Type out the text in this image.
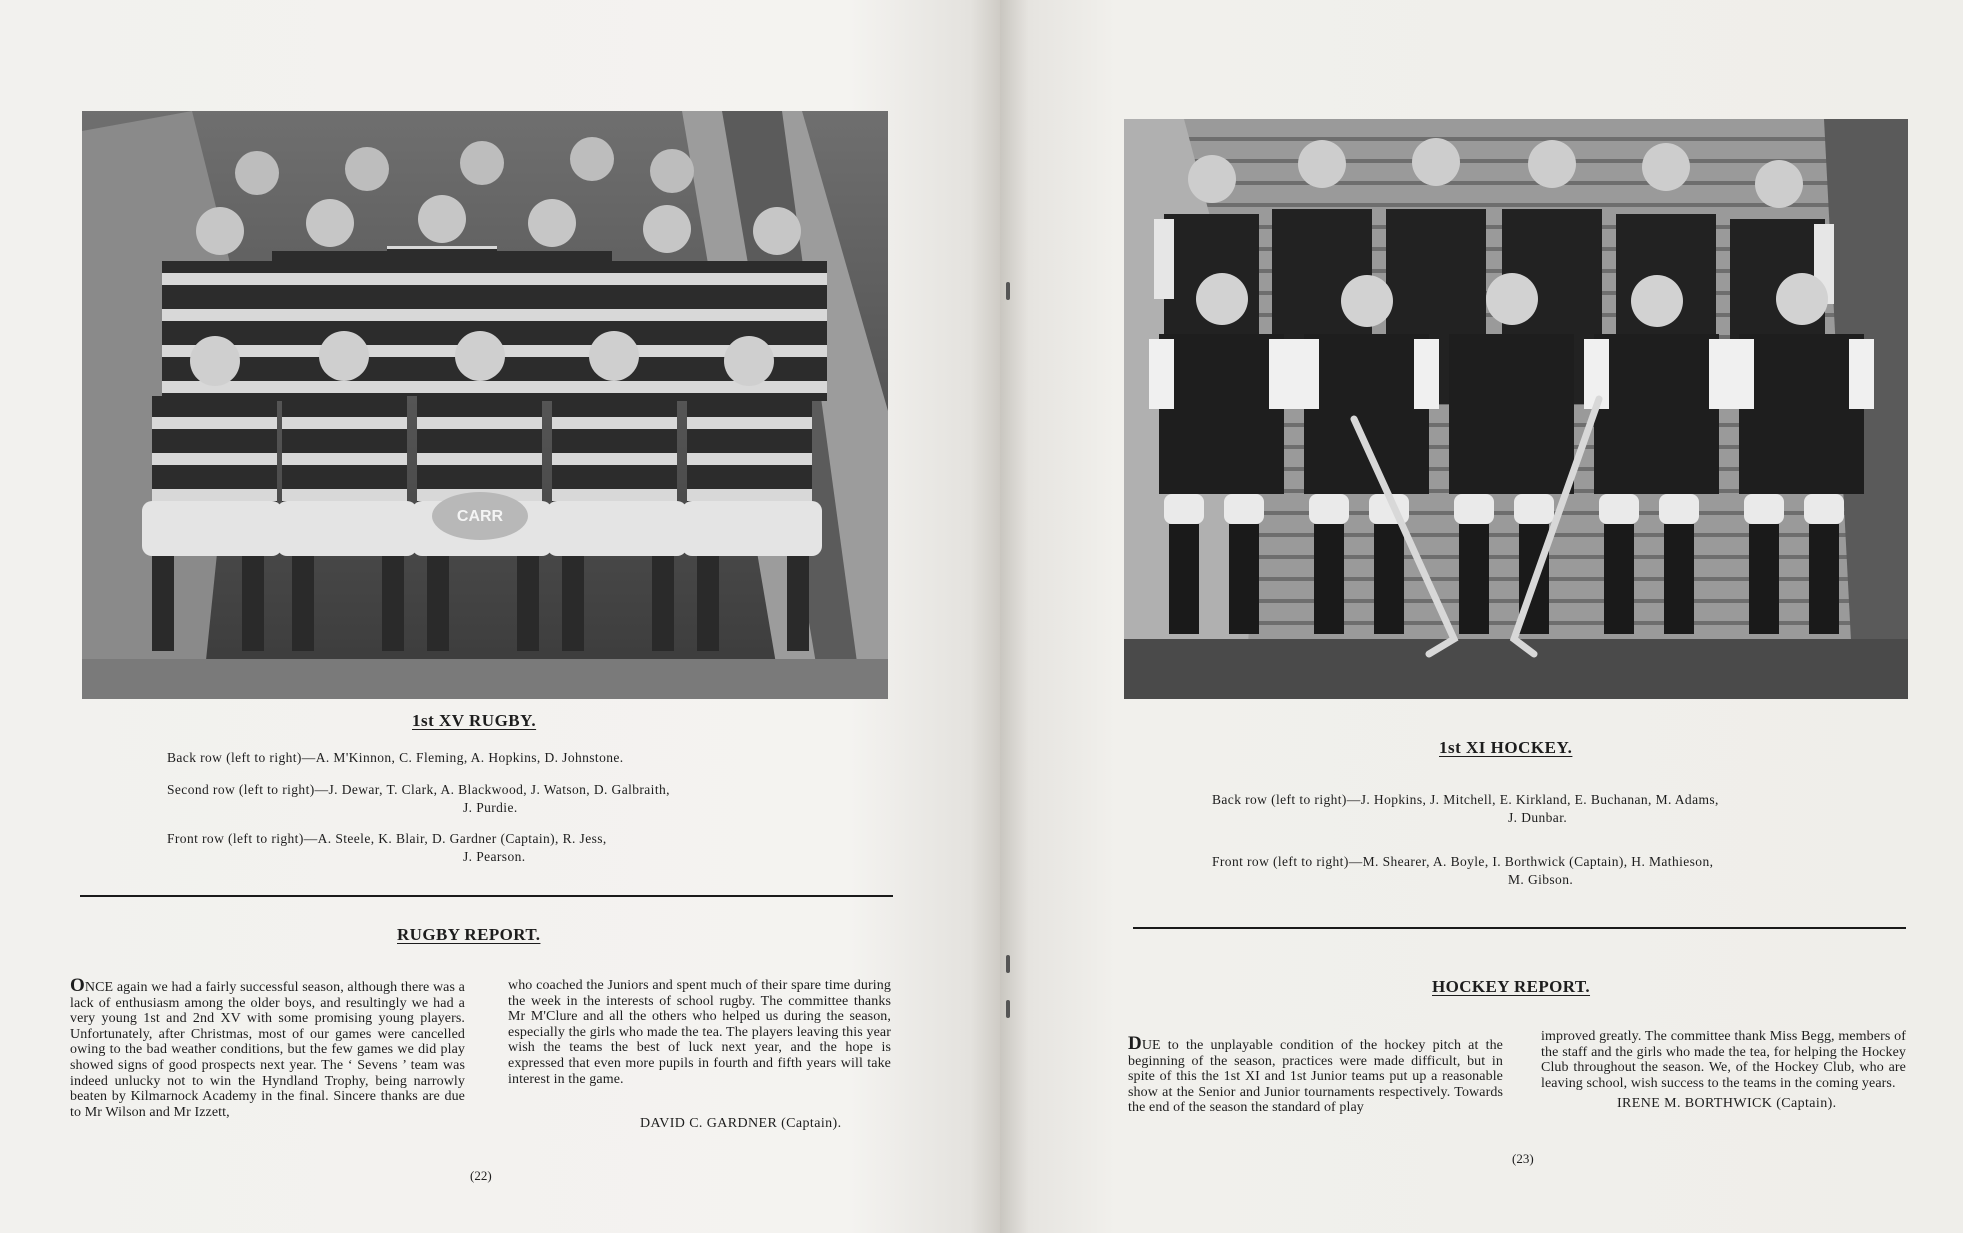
CARR
1st XV RUGBY.
Back row (left to right)—A. M'Kinnon, C. Fleming, A. Hopkins, D. Johnstone.
Second row (left to right)—J. Dewar, T. Clark, A. Blackwood, J. Watson, D. Galbraith,
J. Purdie.
Front row (left to right)—A. Steele, K. Blair, D. Gardner (Captain), R. Jess,
J. Pearson.
RUGBY REPORT.

ONCE again we had a fairly successful season, although there was a lack of enthusiasm among the older boys, and resultingly we had a very young 1st and 2nd XV with some promising young players. Unfortunately, after Christmas, most of our games were cancelled owing to the bad weather conditions, but the few games we did play showed signs of good prospects next year. The ‘ Sevens ’ team was indeed unlucky not to win the Hyndland Trophy, being narrowly beaten by Kilmarnock Academy in the final. Sincere thanks are due to Mr Wilson and Mr Izzett,

who coached the Juniors and spent much of their spare time during the week in the interests of school rugby. The committee thanks Mr M'Clure and all the others who helped us during the season, especially the girls who made the tea. The players leaving this year wish the teams the best of luck next year, and the hope is expressed that even more pupils in fourth and fifth years will take interest in the game.

DAVID C. GARDNER (Captain).
(22)
1st XI HOCKEY.
Back row (left to right)—J. Hopkins, J. Mitchell, E. Kirkland, E. Buchanan, M. Adams,
J. Dunbar.
Front row (left to right)—M. Shearer, A. Boyle, I. Borthwick (Captain), H. Mathieson,
M. Gibson.
HOCKEY REPORT.

DUE to the unplayable condition of the hockey pitch at the beginning of the season, practices were made difficult, but in spite of this the 1st XI and 1st Junior teams put up a reasonable show at the Senior and Junior tournaments respectively. Towards the end of the season the standard of play

improved greatly. The committee thank Miss Begg, members of the staff and the girls who made the tea, for helping the Hockey Club throughout the season. We, of the Hockey Club, who are leaving school, wish success to the teams in the coming years.

IRENE M. BORTHWICK (Captain).
(23)
